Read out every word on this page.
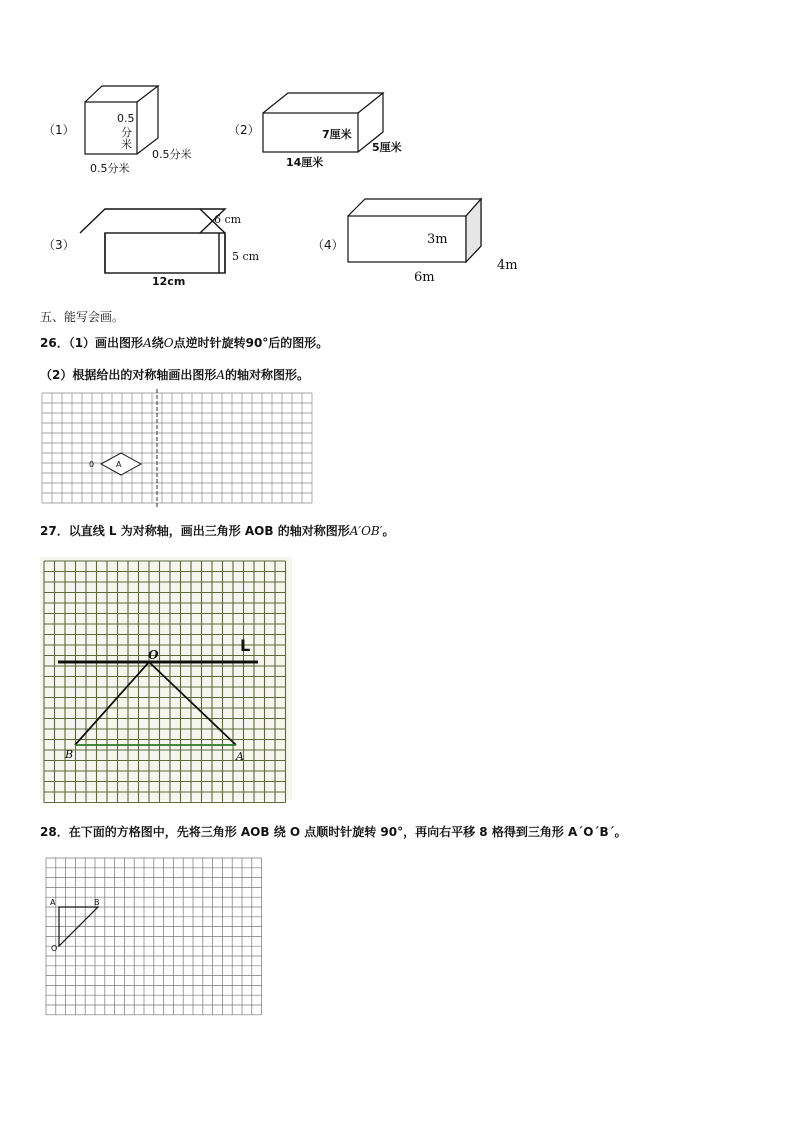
（1）
0.5
分
米
0.5分米
0.5分米
（2）	7厘米
5厘米
14厘米
（3）
6 cm
5 cm
12cm
（4）	3m
4m
6m
五、能写会画。
26．（1）画出图形A绕O点逆时针旋转90°后的图形。
（2）根据给出的对称轴画出图形A的轴对称图形。
0	A
27．以直线 L 为对称轴，画出三角形 AOB 的轴对称图形A′OB′。
O	L
B	A
28．在下面的方格图中，先将三角形 AOB 绕 O 点顺时针旋转 90°，再向右平移 8 格得到三角形 A´O´B´。
A	B
O
